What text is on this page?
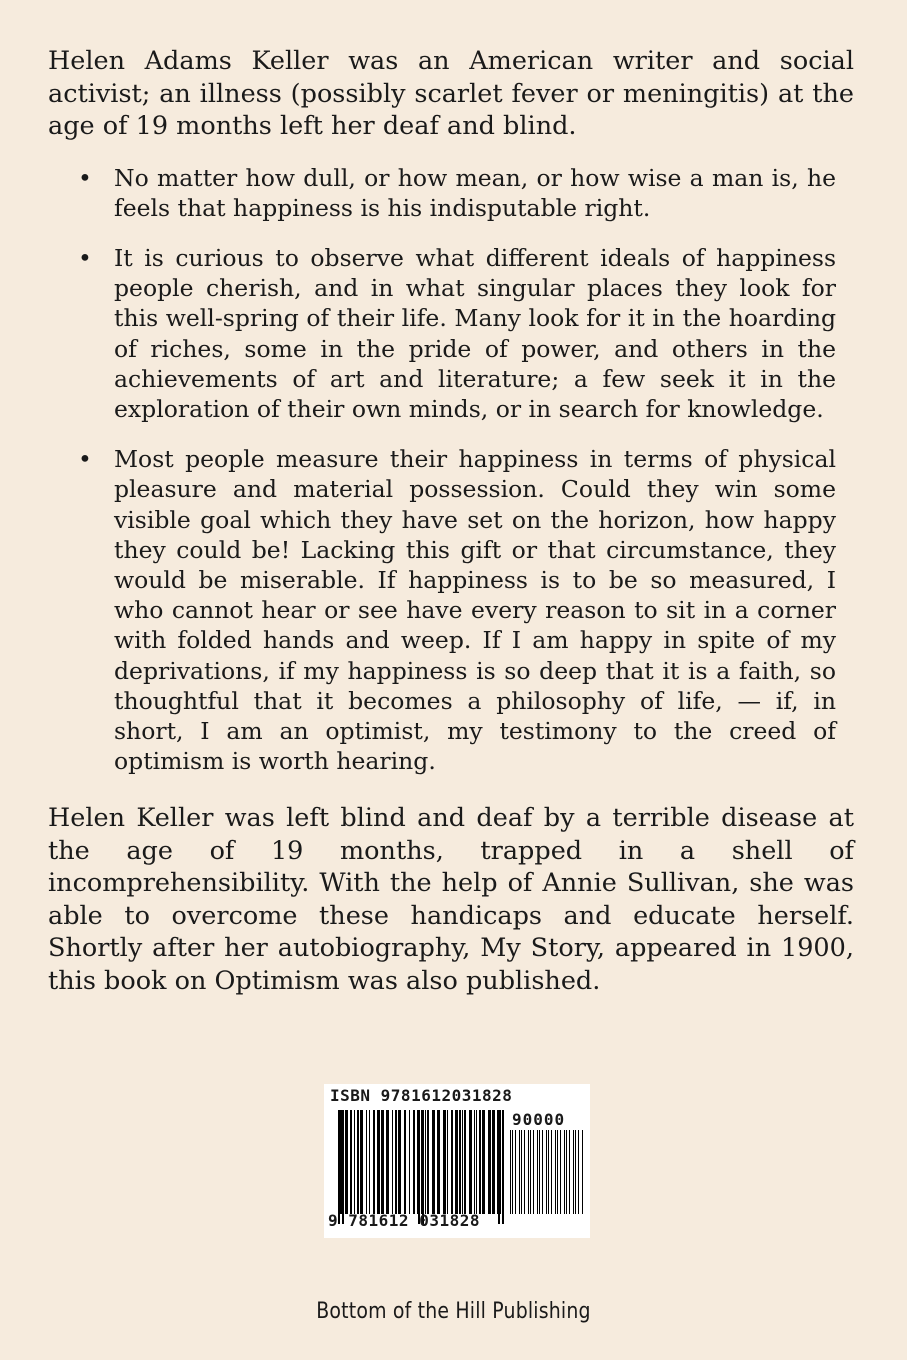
Helen Adams Keller was an American writer and social activist; an illness (possibly scarlet fever or meningitis) at the age of 19 months left her deaf and blind.

• No matter how dull, or how mean, or how wise a man is, he feels that happiness is his indisputable right.
• It is curious to observe what different ideals of happiness people cherish, and in what singular places they look for this well-spring of their life. Many look for it in the hoarding of riches, some in the pride of power, and others in the achievements of art and literature; a few seek it in the exploration of their own minds, or in search for knowledge.
• Most people measure their happiness in terms of physical pleasure and material possession. Could they win some visible goal which they have set on the horizon, how happy they could be! Lacking this gift or that circumstance, they would be miserable. If happiness is to be so measured, I who cannot hear or see have every reason to sit in a corner with folded hands and weep. If I am happy in spite of my deprivations, if my happiness is so deep that it is a faith, so thoughtful that it becomes a philosophy of life, — if, in short, I am an optimist, my testimony to the creed of optimism is worth hearing.

Helen Keller was left blind and deaf by a terrible disease at the age of 19 months, trapped in a shell of incomprehensibility. With the help of Annie Sullivan, she was able to overcome these handicaps and educate herself. Shortly after her autobiography, My Story, appeared in 1900, this book on Optimism was also published.

ISBN 9781612031828
90000
9 781612 031828
Bottom of the Hill Publishing
